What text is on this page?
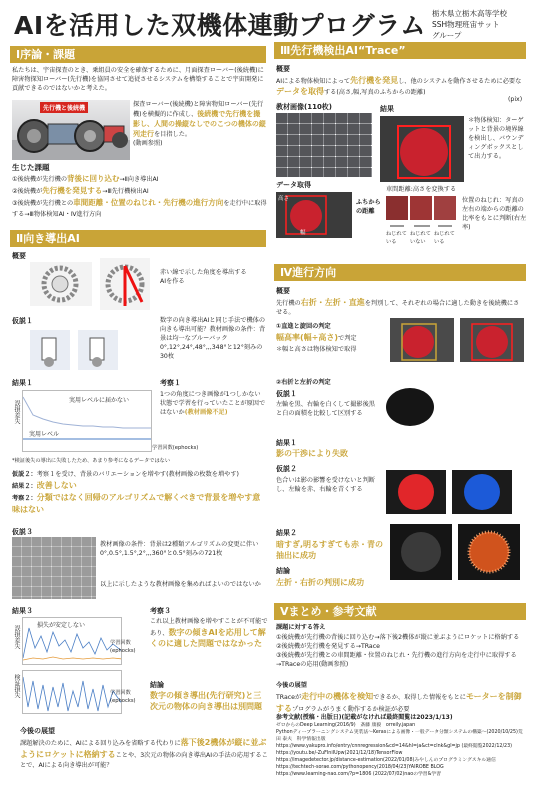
AIを活用した双機体連動プログラム 栃木県立栃木高等学校
SSH物理班宙サット
グループ
Ⅰ序論・課題
私たちは、宇宙探査のとき、乗組員の安全を確保するために、月面探査ローバー(後続機)に障害物探知ローバー(先行機)を協同させて追従させるシステムを構築することで宇宙開発に貢献できるのではないかと考えた。
先行機と後続機
探査ローバー(後続機)と障害物知ローバー(先行機)を横擬的に作成し、後続機で先行機を撮影し、人間の操縦なしでのこつの機体の縦列走行を目指した。
(動画参照)
生じた課題
①後続機が先行機の背後に回り込む→Ⅱ向き導出AI
②後続機が先行機を発見する→Ⅲ先行機検出AI
③後続機が先行機との車間距離・位置のねじれ・先行機の進行方向を走行中に取得する→Ⅲ物体検知AI・Ⅳ進行方向
Ⅱ向き導出AI
概要
赤い線で示した角度を導出するAIを作る
仮説１	数字の向き導出AIと同じ手法で機体の向きも導出可能？教材画像の条件：背景は均一なブルーバック0°,12°,24°,48°,,,348°と12°刻みの30枚
結果１	考察１
誤損差失	実用レベルに届かない
実用レベル
学習回数(ephocks)
1つの角度につき画像が1つしかない状態で学習を行っていたことが原因ではないか(教材画像不足)
*検証後失の導出に失敗したため、あまり参考になるデータではない
仮説２：考察１を受け、背景のバリエーションを増やす(教材画像の枚数を増やす)
結果２：改善しない
考察２：分類ではなく回帰のアルゴリズムで解くべきで背景を増やす意味はない
仮説３
教材画像の条件：背景は2種類アルゴリズムの変更に伴い0°,0.5°,1.5°,2°,,,360°と0.5°刻みの721枚
以上に示したような教材画像を集めればよいのではないか
結果３	考察３
誤損差失	損失が安定しない
学習回数(ephocks)
検証損失	学習回数(ephocks)
これ以上教材画像を増やすことが不可能であり、数字の傾きAIを応用して解くのに適した問題ではなかった
結論
数字の傾き導出(先行研究)と三次元の物体の向き導出は別問題
今後の展望
課題解決のために、AIによる回り込みを省略する代わりに落下後2機体が縦に並ぶようにロケットに格納することや、3次元の物体の向き導出AIの手法の応用することで、AIによる向き導出が可能？
Ⅲ先行機検出AI“Trace”
概要
AIによる物体検知によって先行機を発見し、他のシステムを動作させるために必要なデータを取得する(高さ,幅,写真のふちからの距離)
(pix)
教材画像(110枚)	結果
＊物体検知：ターゲットと背景の境界線を検出し、バウンディングボックスとして出力する。
データ取得
高さ
幅
ふちからの距離
車間距離:高さを変換する
ねじれている
ねじれていない
ねじれている
位置のねじれ：写真の左右の端からの距離の比率をもとに判断(右左率)
Ⅳ進行方向
概要
先行機の右折・左折・直進を判別して、それぞれの場合に適した動きを後続機にさせる。
①直進と旋回の判定
幅高率(幅÷高さ)で判定
＊幅と高さは物体検知で取得
②右折と左折の判定
仮説１
左輪を黒、右輪を白くして撮影後黒と白の面積を比較して区別する
結果１
影の干渉により失敗
仮説２
色合いは影の影響を受けないと判断し、左輪を赤、右輪を青くする
結果２
暗すぎ,明るすぎても赤・青の抽出に成功
結論
左折・右折の判別に成功
Ⅴまとめ・参考文献
課題に対する答え
①後続機が先行機の背後に回り込む→落下後2機体が縦に並ぶようにロケットに格納する
②後続機が先行機を発見する→TRace
③後続機が先行機との車間距離・位置のねじれ・先行機の進行方向を走行中に取得する→TRaceの応用(動画参照)
今後の展望
TRaceが走行中の機体を検知できるか、取得した情報をもとにモーターを制御するプログラムがうまく動作するか検証が必要
参考文献(授稿・出版日)(記載がなければ最終閲覧は2023/1/13)
ゼロからのDeep Learning(2016/9)　斎藤 康毅　orreily.japan
Pythonディープラーニングシステム実装法～Kerasによる画像・一般データ分類システムの構築～(2020/10/25)荒田 泰夫　科学情報出版
https://www.yakupro.info/entry/cnnregression&cd=14&hl=ja&ct=clnk&gl=jp (最終閲覧2022/12/23)
https://youtu.be/-ZuFIniIUpw(2021/12/18)TensorFlow
https://imagedetector.jp/distance-estimation(2022/01/08)みやしんのプログラミングスキル通信
https://techtech-sorae.com/pythonopency(2018/04/23)YAIROBE BLOG
https://www.learning-nao.com/?p=1806 (2022/07/02)naoの学習&学習
